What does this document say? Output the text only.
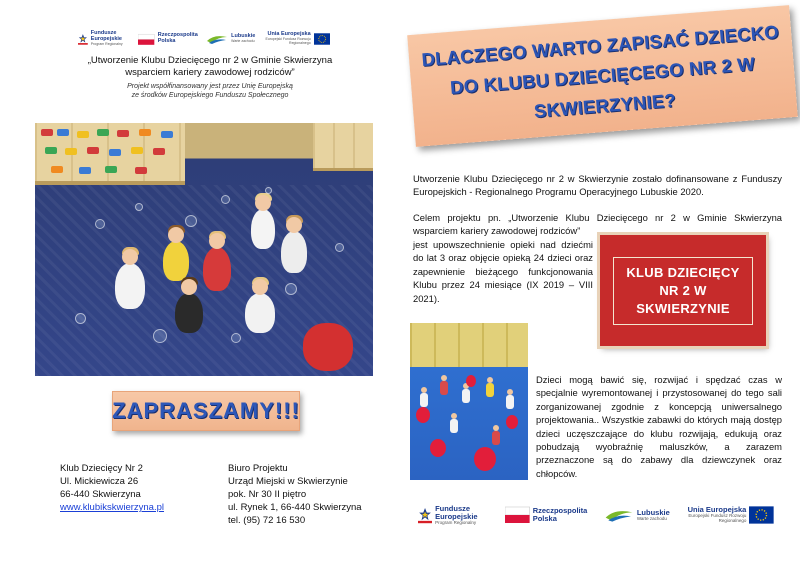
Fundusze Europejskie
Program Regionalny
Rzeczpospolita Polska
Lubuskie
Warte zachodu
Unia Europejska
Europejski Fundusz Rozwoju Regionalnego
„Utworzenie Klubu Dziecięcego nr 2 w Gminie Skwierzyna wsparciem kariery zawodowej rodziców”
Projekt współfinansowany jest przez Unię Europejską
ze środków Europejskiego Funduszu Społecznego
ZAPRASZAMY!!!
Klub Dziecięcy Nr 2
Ul. Mickiewicza 26
66-440 Skwierzyna
www.klubikskwierzyna.pl
Biuro Projektu
Urząd Miejski w Skwierzynie
pok. Nr 30 II piętro
ul. Rynek 1, 66-440 Skwierzyna
tel. (95) 72 16 530
DLACZEGO WARTO ZAPISAĆ DZIECKO DO KLUBU DZIECIĘCEGO NR 2 W SKWIERZYNIE?
Utworzenie Klubu Dziecięcego nr 2 w Skwierzynie zostało dofinansowane z Funduszy Europejskich - Regionalnego Programu Operacyjnego Lubuskie 2020.
Celem projektu pn. „Utworzenie Klubu Dziecięcego nr 2 w Gminie Skwierzyna wsparciem kariery zawodowej rodziców”
jest upowszechnienie opieki nad dziećmi do lat 3 oraz objęcie opieką 24 dzieci oraz zapewnienie bieżącego funkcjonowania Klubu przez 24 miesiące (IX 2019 – VIII 2021).
KLUB DZIECIĘCY NR 2 W SKWIERZYNIE
Dzieci mogą bawić się, rozwijać i spędzać czas w specjalnie wyremontowanej i przystosowanej do tego sali zorganizowanej zgodnie z koncepcją uniwersalnego projektowania.. Wszystkie zabawki do których mają dostęp dzieci uczęszczające do klubu rozwijają, edukują oraz pobudzają wyobraźnię maluszków, a zarazem przeznaczone są do zabawy dla dziewczynek oraz chłopców.
Fundusze Europejskie
Program Regionalny
Rzeczpospolita Polska
Lubuskie
Warte zachodu
Unia Europejska
Europejski Fundusz Rozwoju Regionalnego
